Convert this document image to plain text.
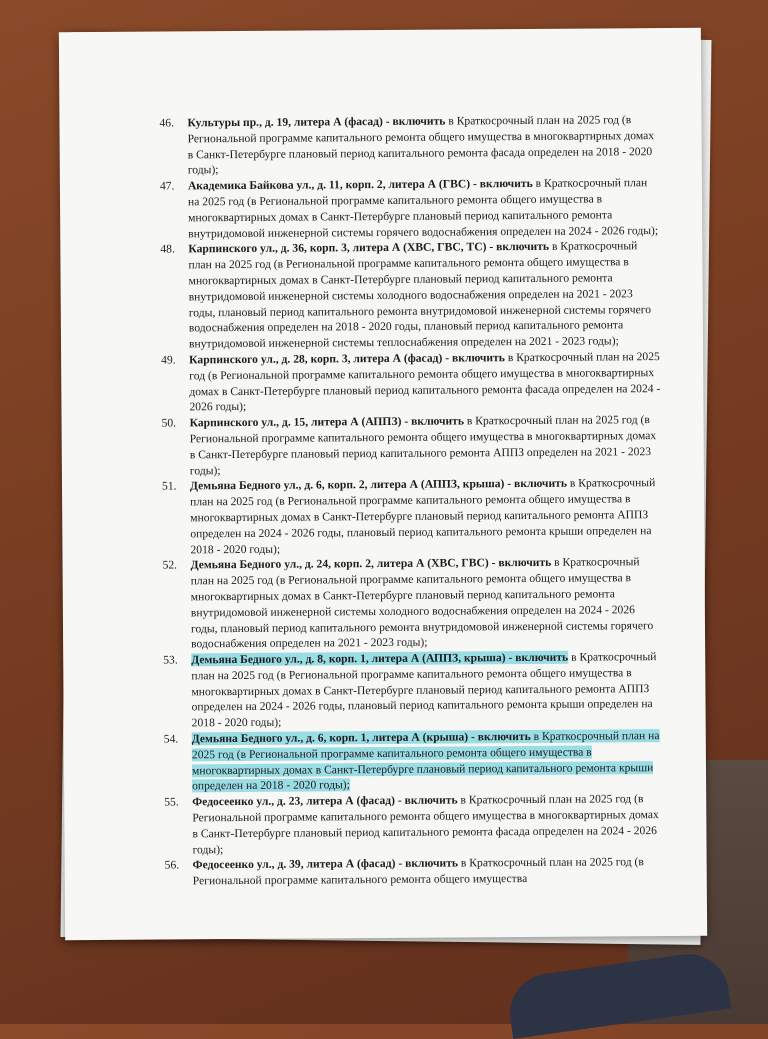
46. Культуры пр., д. 19, литера А (фасад) - включить в Краткосрочный план на 2025 год (в Региональной программе капитального ремонта общего имущества в многоквартирных домах в Санкт-Петербурге плановый период капитального ремонта фасада определен на 2018 - 2020 годы);

47. Академика Байкова ул., д. 11, корп. 2, литера А (ГВС) - включить в Краткосрочный план на 2025 год (в Региональной программе капитального ремонта общего имущества в многоквартирных домах в Санкт-Петербурге плановый период капитального ремонта внутридомовой инженерной системы горячего водоснабжения определен на 2024 - 2026 годы);

48. Карпинского ул., д. 36, корп. 3, литера А (ХВС, ГВС, ТС) - включить в Краткосрочный план на 2025 год (в Региональной программе капитального ремонта общего имущества в многоквартирных домах в Санкт-Петербурге плановый период капитального ремонта внутридомовой инженерной системы холодного водоснабжения определен на 2021 - 2023 годы, плановый период капитального ремонта внутридомовой инженерной системы горячего водоснабжения определен на 2018 - 2020 годы, плановый период капитального ремонта внутридомовой инженерной системы теплоснабжения определен на 2021 - 2023 годы);

49. Карпинского ул., д. 28, корп. 3, литера А (фасад) - включить в Краткосрочный план на 2025 год (в Региональной программе капитального ремонта общего имущества в многоквартирных домах в Санкт-Петербурге плановый период капитального ремонта фасада определен на 2024 - 2026 годы);

50. Карпинского ул., д. 15, литера А (АППЗ) - включить в Краткосрочный план на 2025 год (в Региональной программе капитального ремонта общего имущества в многоквартирных домах в Санкт-Петербурге плановый период капитального ремонта АППЗ определен на 2021 - 2023 годы);

51. Демьяна Бедного ул., д. 6, корп. 2, литера А (АППЗ, крыша) - включить в Краткосрочный план на 2025 год (в Региональной программе капитального ремонта общего имущества в многоквартирных домах в Санкт-Петербурге плановый период капитального ремонта АППЗ определен на 2024 - 2026 годы, плановый период капитального ремонта крыши определен на 2018 - 2020 годы);

52. Демьяна Бедного ул., д. 24, корп. 2, литера А (ХВС, ГВС) - включить в Краткосрочный план на 2025 год (в Региональной программе капитального ремонта общего имущества в многоквартирных домах в Санкт-Петербурге плановый период капитального ремонта внутридомовой инженерной системы холодного водоснабжения определен на 2024 - 2026 годы, плановый период капитального ремонта внутридомовой инженерной системы горячего водоснабжения определен на 2021 - 2023 годы);

53. Демьяна Бедного ул., д. 8, корп. 1, литера А (АППЗ, крыша) - включить в Краткосрочный план на 2025 год (в Региональной программе капитального ремонта общего имущества в многоквартирных домах в Санкт-Петербурге плановый период капитального ремонта АППЗ определен на 2024 - 2026 годы, плановый период капитального ремонта крыши определен на 2018 - 2020 годы);

54. Демьяна Бедного ул., д. 6, корп. 1, литера А (крыша) - включить в Краткосрочный план на 2025 год (в Региональной программе капитального ремонта общего имущества в многоквартирных домах в Санкт-Петербурге плановый период капитального ремонта крыши определен на 2018 - 2020 годы);

55. Федосеенко ул., д. 23, литера А (фасад) - включить в Краткосрочный план на 2025 год (в Региональной программе капитального ремонта общего имущества в многоквартирных домах в Санкт-Петербурге плановый период капитального ремонта фасада определен на 2024 - 2026 годы);

56. Федосеенко ул., д. 39, литера А (фасад) - включить в Краткосрочный план на 2025 год (в Региональной программе капитального ремонта общего имущества
